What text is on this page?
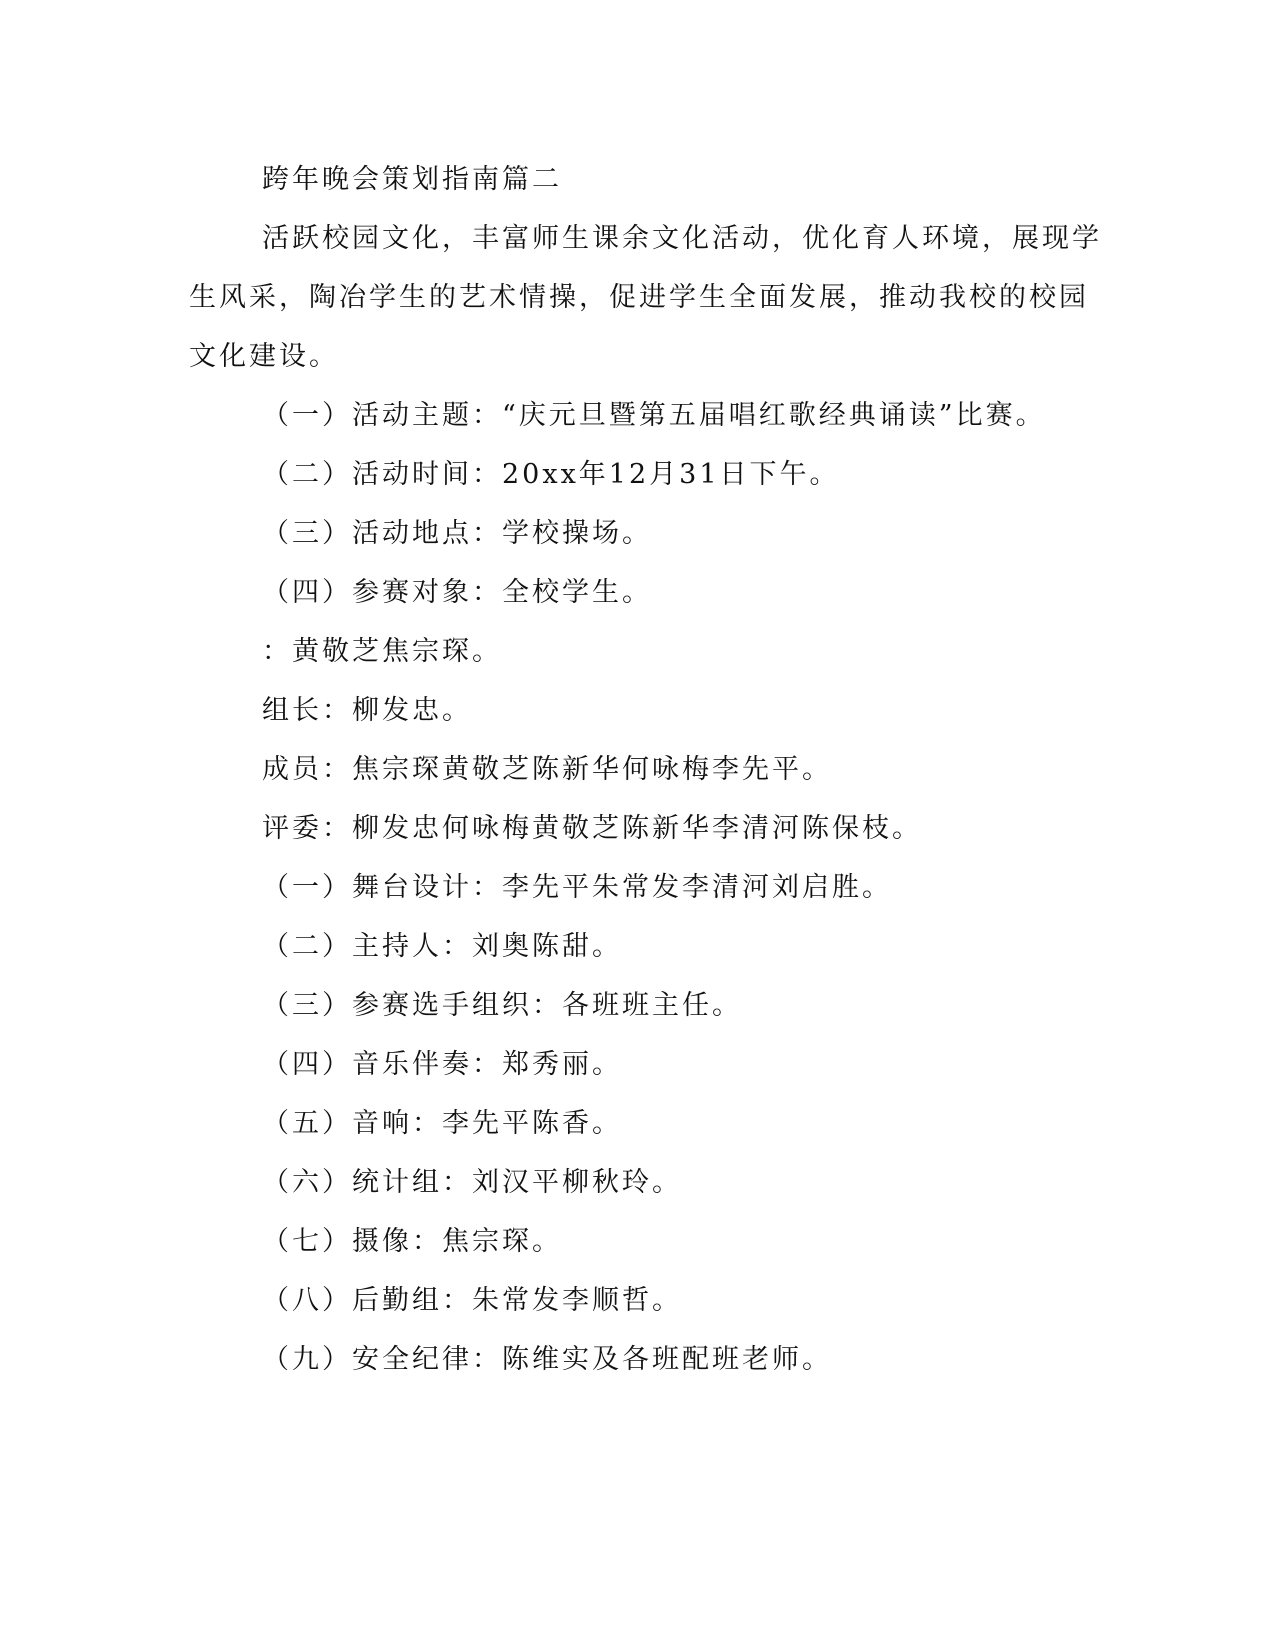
跨年晚会策划指南篇二
活跃校园文化，丰富师生课余文化活动，优化育人环境，展现学
生风采，陶冶学生的艺术情操，促进学生全面发展，推动我校的校园
文化建设。
（一）活动主题：“庆元旦暨第五届唱红歌经典诵读”比赛。
（二）活动时间：20xx年12月31日下午。
（三）活动地点：学校操场。
（四）参赛对象：全校学生。
：黄敬芝焦宗琛。
组长：柳发忠。
成员：焦宗琛黄敬芝陈新华何咏梅李先平。
评委：柳发忠何咏梅黄敬芝陈新华李清河陈保枝。
（一）舞台设计：李先平朱常发李清河刘启胜。
（二）主持人：刘奥陈甜。
（三）参赛选手组织：各班班主任。
（四）音乐伴奏：郑秀丽。
（五）音响：李先平陈香。
（六）统计组：刘汉平柳秋玲。
（七）摄像：焦宗琛。
（八）后勤组：朱常发李顺哲。
（九）安全纪律：陈维实及各班配班老师。
